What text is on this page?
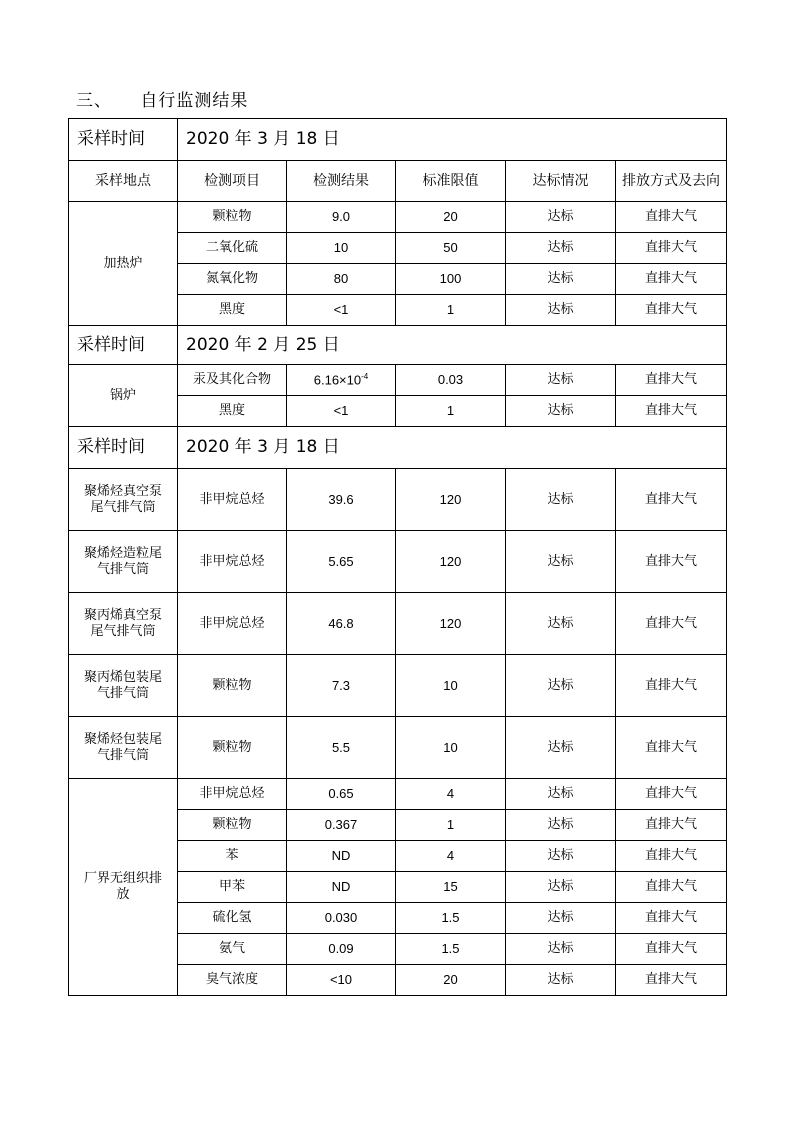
三、 自行监测结果
采样时间	2020 年 3 月 18 日				
采样地点	检测项目	检测结果	标准限值	达标情况	排放方式及去向
加热炉	颗粒物	9.0	20	达标	直排大气
	二氧化硫	10	50	达标	直排大气
	氮氧化物	80	100	达标	直排大气
	黑度	<1	1	达标	直排大气
采样时间	2020 年 2 月 25 日				
锅炉	汞及其化合物	$6.16\times 10^{-4}$	0.03	达标	直排大气
	黑度	<1	1	达标	直排大气
采样时间	2020 年 3 月 18 日				
聚烯烃真空泵
尾气排气筒	非甲烷总烃	39.6	120	达标	直排大气
聚烯烃造粒尾
气排气筒	非甲烷总烃	5.65	120	达标	直排大气
聚丙烯真空泵
尾气排气筒	非甲烷总烃	46.8	120	达标	直排大气
聚丙烯包装尾
气排气筒	颗粒物	7.3	10	达标	直排大气
聚烯烃包装尾
气排气筒	颗粒物	5.5	10	达标	直排大气
厂界无组织排
放	非甲烷总烃	0.65	4	达标	直排大气
	颗粒物	0.367	1	达标	直排大气
	苯	ND	4	达标	直排大气
	甲苯	ND	15	达标	直排大气
	硫化氢	0.030	1.5	达标	直排大气
	氨气	0.09	1.5	达标	直排大气
	臭气浓度	<10	20	达标	直排大气
